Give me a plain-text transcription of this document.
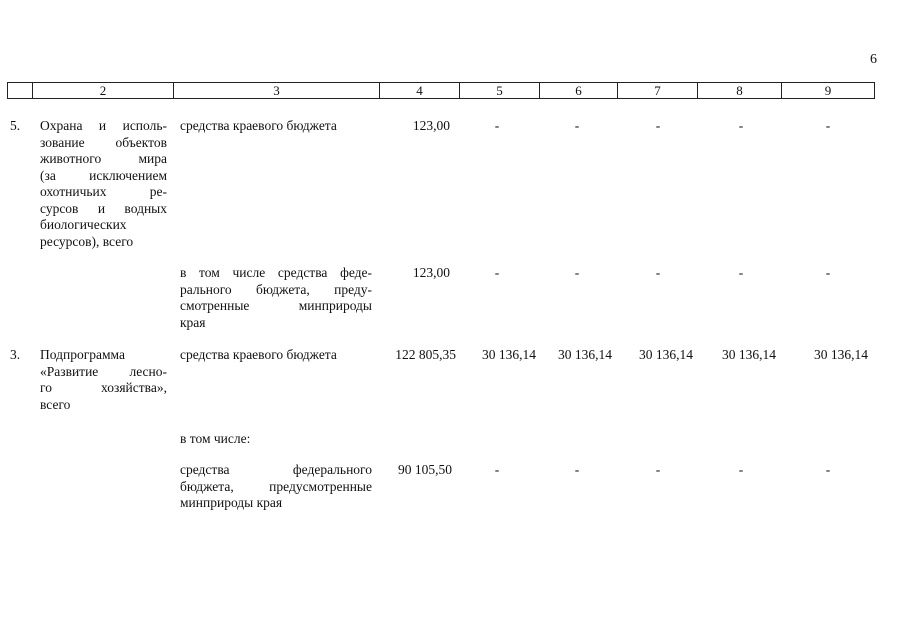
6
2	3	4	5	6	7	8	9
5. Охрана и исполь-
зование объектов
животного мира
(за исключением
охотничьих ре-
сурсов и водных
биологических
ресурсов), всего
средства краевого бюджета	123,00	-	-	-	-	-
в том числе средства феде-
рального бюджета, преду-
смотренные минприроды
края
123,00	-	-	-	-	-
3. Подпрограмма
«Развитие лесно-
го хозяйства»,
всего
средства краевого бюджета	122 805,35	30 136,14	30 136,14	30 136,14	30 136,14	30 136,14
в том числе:
средства федерального
бюджета, предусмотренные
минприроды края
90 105,50	-	-	-	-	-
